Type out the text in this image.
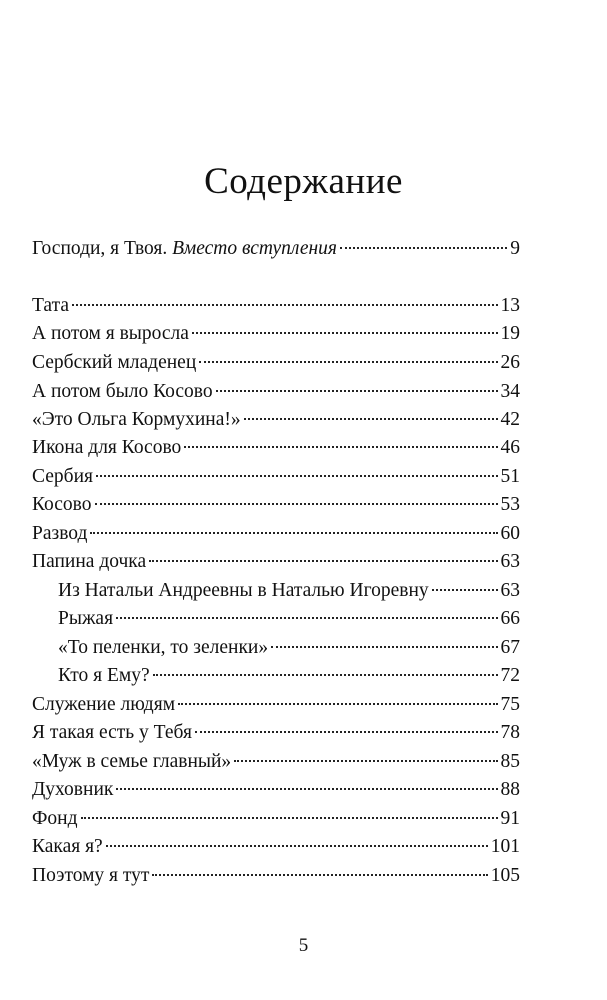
Содержание
Господи, я Твоя. Вместо вступления	9
Тата	13
А потом я выросла	19
Сербский младенец	26
А потом было Косово	34
«Это Ольга Кормухина!»	42
Икона для Косово	46
Сербия	51
Косово	53
Развод	60
Папина дочка	63
Из Натальи Андреевны в Наталью Игоревну	63
Рыжая	66
«То пеленки, то зеленки»	67
Кто я Ему?	72
Служение людям	75
Я такая есть у Тебя	78
«Муж в семье главный»	85
Духовник	88
Фонд	91
Какая я?	101
Поэтому я тут	105
5
